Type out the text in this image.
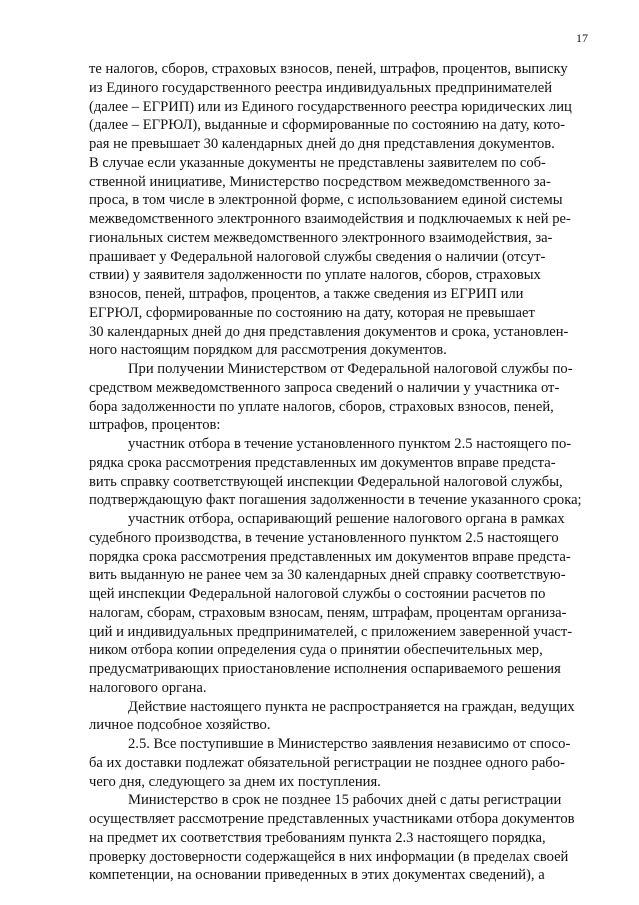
17

те налогов, сборов, страховых взносов, пеней, штрафов, процентов, выписку
из Единого государственного реестра индивидуальных предпринимателей
(далее – ЕГРИП) или из Единого государственного реестра юридических лиц
(далее – ЕГРЮЛ), выданные и сформированные по состоянию на дату, кото-
рая не превышает 30 календарных дней до дня представления документов.
В случае если указанные документы не представлены заявителем по соб-
ственной инициативе, Министерство посредством межведомственного за-
проса, в том числе в электронной форме, с использованием единой системы
межведомственного электронного взаимодействия и подключаемых к ней ре-
гиональных систем межведомственного электронного взаимодействия, за-
прашивает у Федеральной налоговой службы сведения о наличии (отсут-
ствии) у заявителя задолженности по уплате налогов, сборов, страховых
взносов, пеней, штрафов, процентов, а также сведения из ЕГРИП или
ЕГРЮЛ, сформированные по состоянию на дату, которая не превышает
30 календарных дней до дня представления документов и срока, установлен-
ного настоящим порядком для рассмотрения документов.

При получении Министерством от Федеральной налоговой службы по-
средством межведомственного запроса сведений о наличии у участника от-
бора задолженности по уплате налогов, сборов, страховых взносов, пеней,
штрафов, процентов:

участник отбора в течение установленного пунктом 2.5 настоящего по-
рядка срока рассмотрения представленных им документов вправе предста-
вить справку соответствующей инспекции Федеральной налоговой службы,
подтверждающую факт погашения задолженности в течение указанного срока;

участник отбора, оспаривающий решение налогового органа в рамках
судебного производства, в течение установленного пунктом 2.5 настоящего
порядка срока рассмотрения представленных им документов вправе предста-
вить выданную не ранее чем за 30 календарных дней справку соответствую-
щей инспекции Федеральной налоговой службы о состоянии расчетов по
налогам, сборам, страховым взносам, пеням, штрафам, процентам организа-
ций и индивидуальных предпринимателей, с приложением заверенной участ-
ником отбора копии определения суда о принятии обеспечительных мер,
предусматривающих приостановление исполнения оспариваемого решения
налогового органа.

Действие настоящего пункта не распространяется на граждан, ведущих
личное подсобное хозяйство.

2.5. Все поступившие в Министерство заявления независимо от спосо-
ба их доставки подлежат обязательной регистрации не позднее одного рабо-
чего дня, следующего за днем их поступления.

Министерство в срок не позднее 15 рабочих дней с даты регистрации
осуществляет рассмотрение представленных участниками отбора документов
на предмет их соответствия требованиям пункта 2.3 настоящего порядка,
проверку достоверности содержащейся в них информации (в пределах своей
компетенции, на основании приведенных в этих документах сведений), а
